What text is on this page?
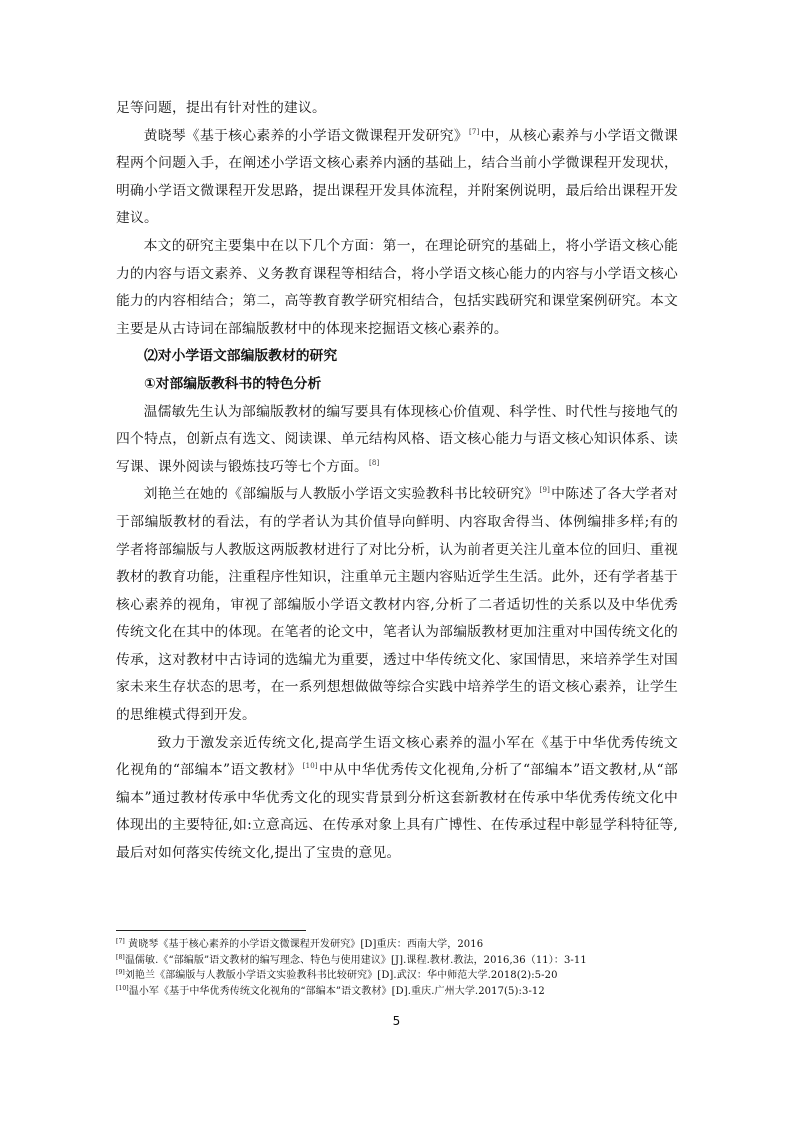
足等问题，提出有针对性的建议。

黄晓琴《基于核心素养的小学语文微课程开发研究》[7]中，从核心素养与小学语文微课程两个问题入手，在阐述小学语文核心素养内涵的基础上，结合当前小学微课程开发现状，明确小学语文微课程开发思路，提出课程开发具体流程，并附案例说明，最后给出课程开发建议。

本文的研究主要集中在以下几个方面：第一，在理论研究的基础上，将小学语文核心能力的内容与语文素养、义务教育课程等相结合，将小学语文核心能力的内容与小学语文核心能力的内容相结合；第二，高等教育教学研究相结合，包括实践研究和课堂案例研究。本文主要是从古诗词在部编版教材中的体现来挖掘语文核心素养的。

⑵对小学语文部编版教材的研究

①对部编版教科书的特色分析

温儒敏先生认为部编版教材的编写要具有体现核心价值观、科学性、时代性与接地气的四个特点，创新点有选文、阅读课、单元结构风格、语文核心能力与语文核心知识体系、读写课、课外阅读与锻炼技巧等七个方面。[8]

刘艳兰在她的《部编版与人教版小学语文实验教科书比较研究》[9]中陈述了各大学者对于部编版教材的看法，有的学者认为其价值导向鲜明、内容取舍得当、体例编排多样;有的学者将部编版与人教版这两版教材进行了对比分析，认为前者更关注儿童本位的回归、重视教材的教育功能，注重程序性知识，注重单元主题内容贴近学生生活。此外，还有学者基于核心素养的视角，审视了部编版小学语文教材内容,分析了二者适切性的关系以及中华优秀传统文化在其中的体现。在笔者的论文中，笔者认为部编版教材更加注重对中国传统文化的传承，这对教材中古诗词的选编尤为重要，透过中华传统文化、家国情思，来培养学生对国家未来生存状态的思考，在一系列想想做做等综合实践中培养学生的语文核心素养，让学生的思维模式得到开发。

致力于激发亲近传统文化,提高学生语文核心素养的温小军在《基于中华优秀传统文化视角的“部编本”语文教材》[10]中从中华优秀传文化视角,分析了“部编本”语文教材,从“部编本”通过教材传承中华优秀文化的现实背景到分析这套新教材在传承中华优秀传统文化中体现出的主要特征,如:立意高远、在传承对象上具有广博性、在传承过程中彰显学科特征等,最后对如何落实传统文化,提出了宝贵的意见。

[7] 黄晓琴《基于核心素养的小学语文微课程开发研究》[D]重庆：西南大学，2016

[8]温儒敏.《“部编版”语文教材的编写理念、特色与使用建议》[J].课程.教材.教法，2016,36（11）：3-11

[9]刘艳兰《部编版与人教版小学语文实验教科书比较研究》[D].武汉：华中师范大学.2018(2):5-20

[10]温小军《基于中华优秀传统文化视角的“部编本”语文教材》[D].重庆.广州大学.2017(5):3-12

5
